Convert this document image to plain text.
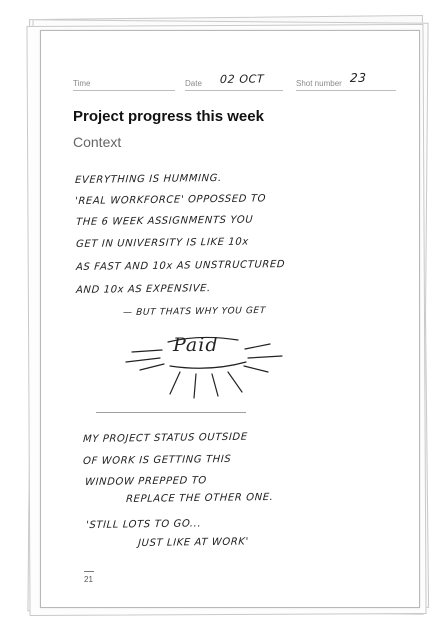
Time	Date 02 OCT	Shot number 23
Project progress this week
Context
EVERYTHING IS HUMMING.
'REAL WORKFORCE' OPPOSSED TO
THE 6 WEEK ASSIGNMENTS YOU
GET IN UNIVERSITY IS LIKE 10x
AS FAST AND 10x AS UNSTRUCTURED
AND 10x AS EXPENSIVE.
— BUT THATS WHY YOU GET
Paid
MY PROJECT STATUS OUTSIDE
OF WORK IS GETTING THIS
WINDOW PREPPED TO
REPLACE THE OTHER ONE.
'STILL LOTS TO GO...
JUST LIKE AT WORK'
21
